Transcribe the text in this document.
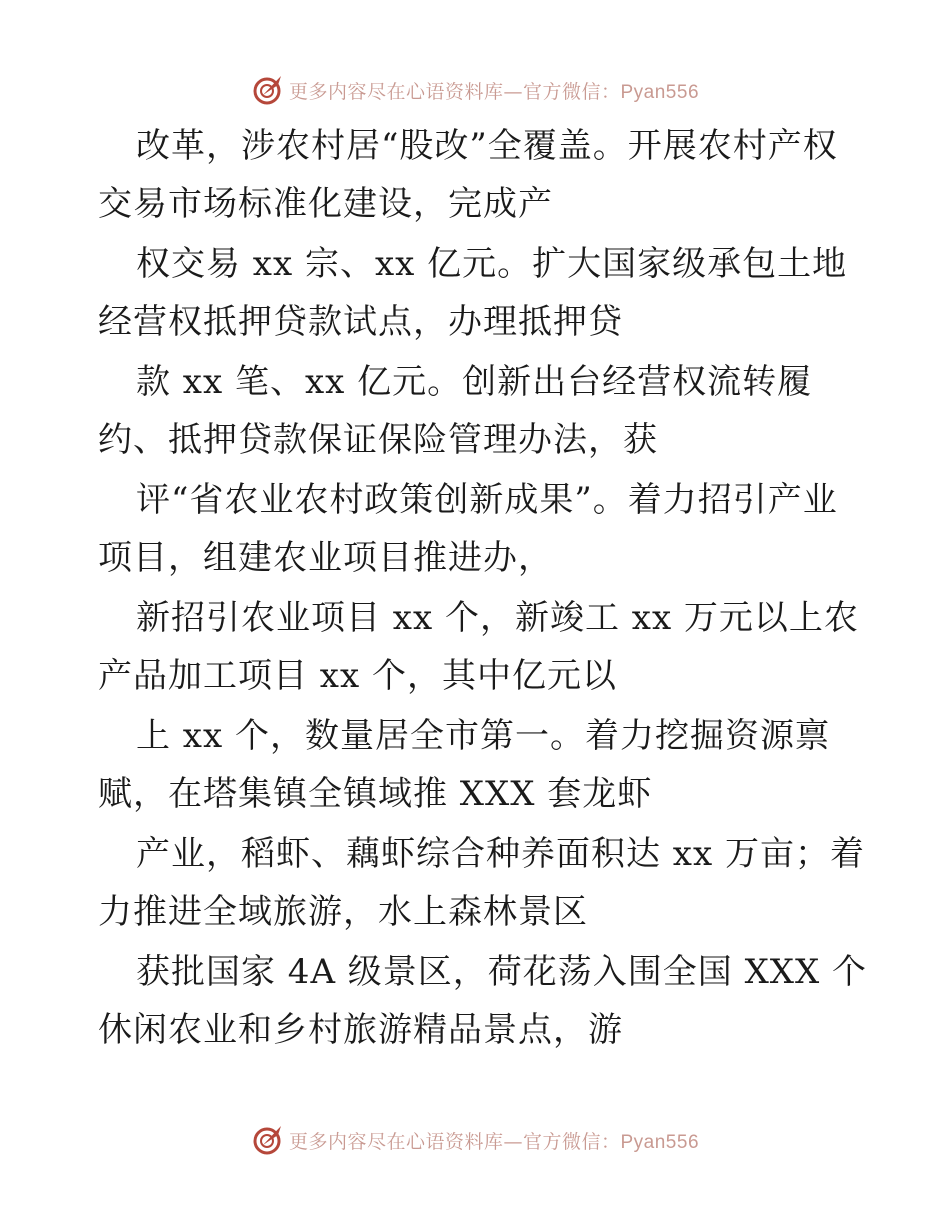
更多内容尽在心语资料库—官方微信：Pyan556
改革，涉农村居“股改”全覆盖。开展农村产权
交易市场标准化建设，完成产
权交易 xx 宗、xx 亿元。扩大国家级承包土地
经营权抵押贷款试点，办理抵押贷
款 xx 笔、xx 亿元。创新出台经营权流转履
约、抵押贷款保证保险管理办法，获
评“省农业农村政策创新成果”。着力招引产业
项目，组建农业项目推进办，
新招引农业项目 xx 个，新竣工 xx 万元以上农
产品加工项目 xx 个，其中亿元以
上 xx 个，数量居全市第一。着力挖掘资源禀
赋，在塔集镇全镇域推 XXX 套龙虾
产业，稻虾、藕虾综合种养面积达 xx 万亩；着
力推进全域旅游，水上森林景区
获批国家 4A 级景区，荷花荡入围全国 XXX 个
休闲农业和乡村旅游精品景点，游
更多内容尽在心语资料库—官方微信：Pyan556
